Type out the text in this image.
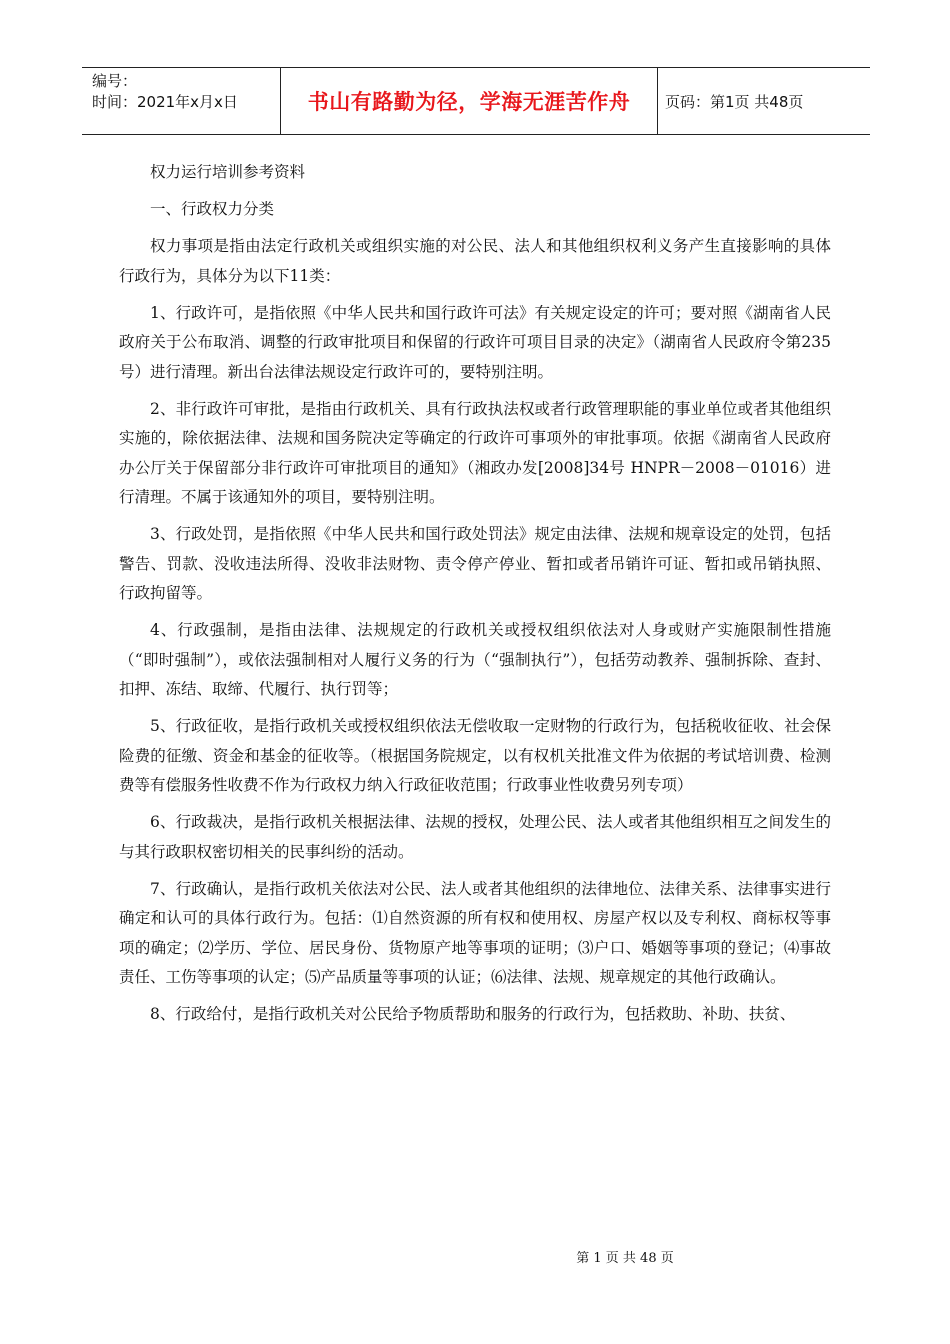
编号：
时间：2021年x月x日	书山有路勤为径，学海无涯苦作舟 页码：第1页 共48页

权力运行培训参考资料

一、行政权力分类

权力事项是指由法定行政机关或组织实施的对公民、法人和其他组织权利义务产生直接影响的具体行政行为，具体分为以下11类：

1、行政许可，是指依照《中华人民共和国行政许可法》有关规定设定的许可；要对照《湖南省人民政府关于公布取消、调整的行政审批项目和保留的行政许可项目目录的决定》（湖南省人民政府令第235号）进行清理。新出台法律法规设定行政许可的，要特别注明。

2、非行政许可审批，是指由行政机关、具有行政执法权或者行政管理职能的事业单位或者其他组织实施的，除依据法律、法规和国务院决定等确定的行政许可事项外的审批事项。依据《湖南省人民政府办公厅关于保留部分非行政许可审批项目的通知》（湘政办发[2008]34号 HNPR－2008－01016）进行清理。不属于该通知外的项目，要特别注明。

3、行政处罚，是指依照《中华人民共和国行政处罚法》规定由法律、法规和规章设定的处罚，包括警告、罚款、没收违法所得、没收非法财物、责令停产停业、暂扣或者吊销许可证、暂扣或吊销执照、行政拘留等。

4、行政强制，是指由法律、法规规定的行政机关或授权组织依法对人身或财产实施限制性措施（“即时强制”），或依法强制相对人履行义务的行为（“强制执行”），包括劳动教养、强制拆除、查封、扣押、冻结、取缔、代履行、执行罚等；

5、行政征收，是指行政机关或授权组织依法无偿收取一定财物的行政行为，包括税收征收、社会保险费的征缴、资金和基金的征收等。（根据国务院规定，以有权机关批准文件为依据的考试培训费、检测费等有偿服务性收费不作为行政权力纳入行政征收范围；行政事业性收费另列专项）

6、行政裁决，是指行政机关根据法律、法规的授权，处理公民、法人或者其他组织相互之间发生的与其行政职权密切相关的民事纠纷的活动。

7、行政确认，是指行政机关依法对公民、法人或者其他组织的法律地位、法律关系、法律事实进行确定和认可的具体行政行为。包括：⑴自然资源的所有权和使用权、房屋产权以及专利权、商标权等事项的确定；⑵学历、学位、居民身份、货物原产地等事项的证明；⑶户口、婚姻等事项的登记；⑷事故责任、工伤等事项的认定；⑸产品质量等事项的认证；⑹法律、法规、规章规定的其他行政确认。

8、行政给付，是指行政机关对公民给予物质帮助和服务的行政行为，包括救助、补助、扶贫、

第 1 页 共 48 页
